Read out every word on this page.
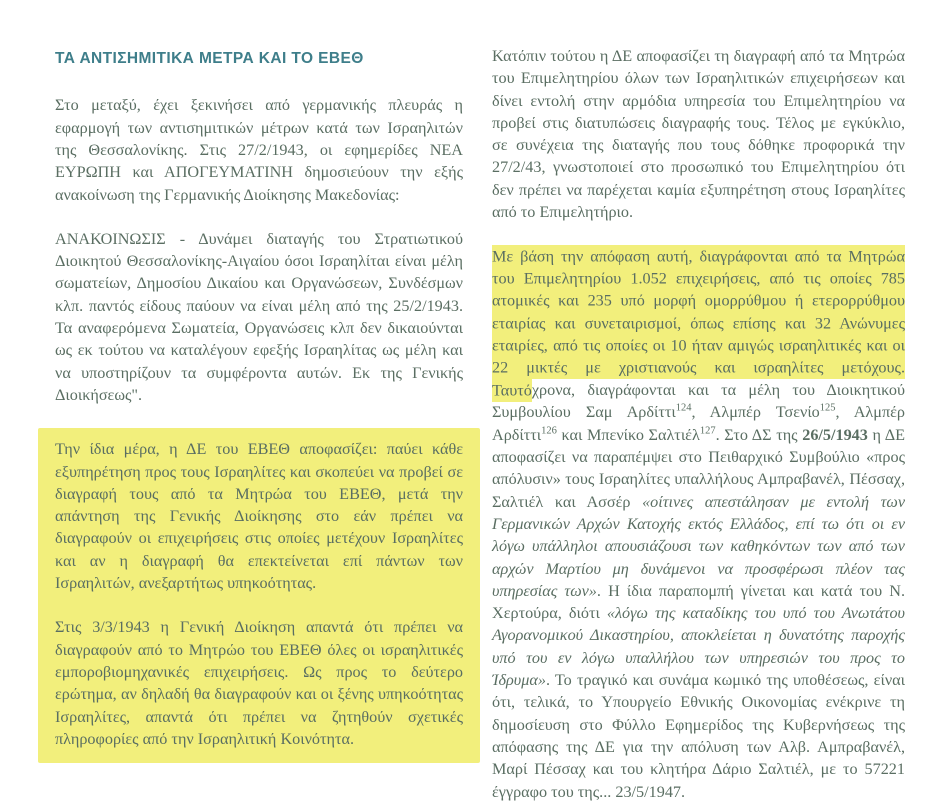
ΤΑ ΑΝΤΙΣΗΜΙΤΙΚΑ ΜΕΤΡΑ ΚΑΙ ΤΟ ΕΒΕΘ

Στο μεταξύ, έχει ξεκινήσει από γερμανικής πλευράς η εφαρμογή των αντισημιτικών μέτρων κατά των Ισραηλιτών της Θεσσαλονίκης. Στις 27/2/1943, οι εφημερίδες ΝΕΑ ΕΥΡΩΠΗ και ΑΠΟΓΕΥΜΑΤΙΝΗ δημοσιεύουν την εξής ανακοίνωση της Γερμανικής Διοίκησης Μακεδονίας:

ΑΝΑΚΟΙΝΩΣΙΣ - Δυνάμει διαταγής του Στρατιωτικού Διοικητού Θεσσαλονίκης-Αιγαίου όσοι Ισραηλίται είναι μέλη σωματείων, Δημοσίου Δικαίου και Οργανώσεων, Συνδέσμων κλπ. παντός είδους παύουν να είναι μέλη από της 25/2/1943. Τα αναφερόμενα Σωματεία, Οργανώσεις κλπ δεν δικαιούνται ως εκ τούτου να καταλέγουν εφεξής Ισραηλίτας ως μέλη και να υποστηρίζουν τα συμφέροντα αυτών. Εκ της Γενικής Διοικήσεως".

Την ίδια μέρα, η ΔΕ του ΕΒΕΘ αποφασίζει: παύει κάθε εξυπηρέτηση προς τους Ισραηλίτες και σκοπεύει να προβεί σε διαγραφή τους από τα Μητρώα του ΕΒΕΘ, μετά την απάντηση της Γενικής Διοίκησης στο εάν πρέπει να διαγραφούν οι επιχειρήσεις στις οποίες μετέχουν Ισραηλίτες και αν η διαγραφή θα επεκτείνεται επί πάντων των Ισραηλιτών, ανεξαρτήτως υπηκοότητας.

Στις 3/3/1943 η Γενική Διοίκηση απαντά ότι πρέπει να διαγραφούν από το Μητρώο του ΕΒΕΘ όλες οι ισραηλιτικές εμποροβιομηχανικές επιχειρήσεις. Ως προς το δεύτερο ερώτημα, αν δηλαδή θα διαγραφούν και οι ξένης υπηκοότητας Ισραηλίτες, απαντά ότι πρέπει να ζητηθούν σχετικές πληροφορίες από την Ισραηλιτική Κοινότητα.

Κατόπιν τούτου η ΔΕ αποφασίζει τη διαγραφή από τα Μητρώα του Επιμελητηρίου όλων των Ισραηλιτικών επιχειρήσεων και δίνει εντολή στην αρμόδια υπηρεσία του Επιμελητηρίου να προβεί στις διατυπώσεις διαγραφής τους. Τέλος με εγκύκλιο, σε συνέχεια της διαταγής που τους δόθηκε προφορικά την 27/2/43, γνωστοποιεί στο προσωπικό του Επιμελητηρίου ότι δεν πρέπει να παρέχεται καμία εξυπηρέτηση στους Ισραηλίτες από το Επιμελητήριο.

Με βάση την απόφαση αυτή, διαγράφονται από τα Μητρώα του Επιμελητηρίου 1.052 επιχειρήσεις, από τις οποίες 785 ατομικές και 235 υπό μορφή ομορρύθμου ή ετερορρύθμου εταιρίας και συνεταιρισμοί, όπως επίσης και 32 Ανώνυμες εταιρίες, από τις οποίες οι 10 ήταν αμιγώς ισραηλιτικές και οι 22 μικτές με χριστιανούς και ισραηλίτες μετόχους. Ταυτόχρονα, διαγράφονται και τα μέλη του Διοικητικού Συμβουλίου Σαμ Αρδίττι$^{124}$, Αλμπέρ Τσενίο$^{125}$, Αλμπέρ Αρδίττι$^{126}$ και Μπενίκο Σαλτιέλ$^{127}$. Στο ΔΣ της 26/5/1943 η ΔΕ αποφασίζει να παραπέμψει στο Πειθαρχικό Συμβούλιο «προς απόλυσιν» τους Ισραηλίτες υπαλλήλους Αμπραβανέλ, Πέσσαχ, Σαλτιέλ και Ασσέρ «οίτινες απεστάλησαν με εντολή των Γερμανικών Αρχών Κατοχής εκτός Ελλάδος, επί τω ότι οι εν λόγω υπάλληλοι απουσιάζουσι των καθηκόντων των από των αρχών Μαρτίου μη δυνάμενοι να προσφέρωσι πλέον τας υπηρεσίας των». Η ίδια παραπομπή γίνεται και κατά του Ν. Χερτούρα, διότι «λόγω της καταδίκης του υπό του Ανωτάτου Αγορανομικού Δικαστηρίου, αποκλείεται η δυνατότης παροχής υπό του εν λόγω υπαλλήλου των υπηρεσιών του προς το Ίδρυμα». Το τραγικό και συνάμα κωμικό της υποθέσεως, είναι ότι, τελικά, το Υπουργείο Εθνικής Οικονομίας ενέκρινε τη δημοσίευση στο Φύλλο Εφημερίδος της Κυβερνήσεως της απόφασης της ΔΕ για την απόλυση των Αλβ. Αμπραβανέλ, Μαρί Πέσσαχ και του κλητήρα Δάριο Σαλτιέλ, με το 57221 έγγραφο του της... 23/5/1947.
